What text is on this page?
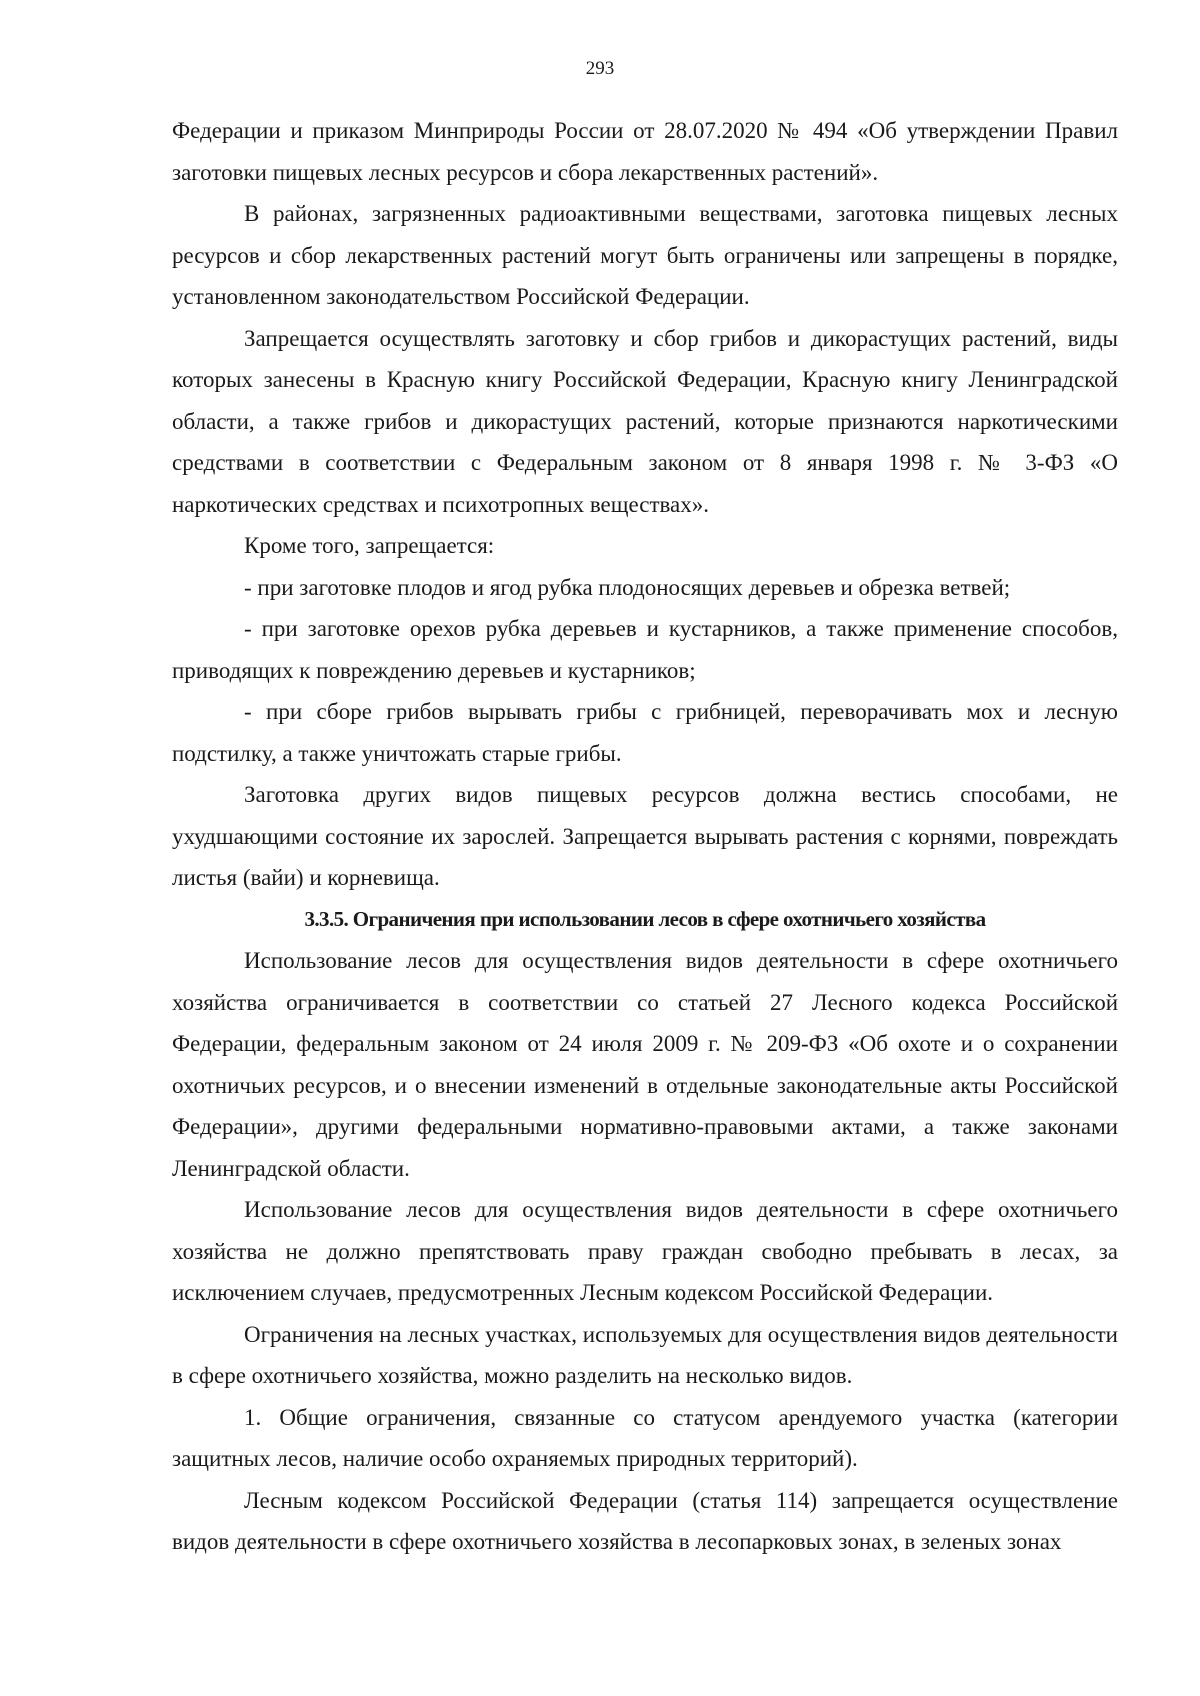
293

Федерации и приказом Минприроды России от 28.07.2020 № 494 «Об утверждении Правил заготовки пищевых лесных ресурсов и сбора лекарственных растений».

В районах, загрязненных радиоактивными веществами, заготовка пищевых лесных ресурсов и сбор лекарственных растений могут быть ограничены или запрещены в порядке, установленном законодательством Российской Федерации.

Запрещается осуществлять заготовку и сбор грибов и дикорастущих растений, виды которых занесены в Красную книгу Российской Федерации, Красную книгу Ленинградской области, а также грибов и дикорастущих растений, которые признаются наркотическими средствами в соответствии с Федеральным законом от 8 января 1998 г. № 3-ФЗ «О наркотических средствах и психотропных веществах».

Кроме того, запрещается:

- при заготовке плодов и ягод рубка плодоносящих деревьев и обрезка ветвей;

- при заготовке орехов рубка деревьев и кустарников, а также применение способов, приводящих к повреждению деревьев и кустарников;

- при сборе грибов вырывать грибы с грибницей, переворачивать мох и лесную подстилку, а также уничтожать старые грибы.

Заготовка других видов пищевых ресурсов должна вестись способами, не ухудшающими состояние их зарослей. Запрещается вырывать растения с корнями, повреждать листья (вайи) и корневища.

3.3.5. Ограничения при использовании лесов в сфере охотничьего хозяйства

Использование лесов для осуществления видов деятельности в сфере охотничьего хозяйства ограничивается в соответствии со статьей 27 Лесного кодекса Российской Федерации, федеральным законом от 24 июля 2009 г. № 209-ФЗ «Об охоте и о сохранении охотничьих ресурсов, и о внесении изменений в отдельные законодательные акты Российской Федерации», другими федеральными нормативно-правовыми актами, а также законами Ленинградской области.

Использование лесов для осуществления видов деятельности в сфере охотничьего хозяйства не должно препятствовать праву граждан свободно пребывать в лесах, за исключением случаев, предусмотренных Лесным кодексом Российской Федерации.

Ограничения на лесных участках, используемых для осуществления видов деятельности в сфере охотничьего хозяйства, можно разделить на несколько видов.

1. Общие ограничения, связанные со статусом арендуемого участка (категории защитных лесов, наличие особо охраняемых природных территорий).

Лесным кодексом Российской Федерации (статья 114) запрещается осуществление видов деятельности в сфере охотничьего хозяйства в лесопарковых зонах, в зеленых зонах
